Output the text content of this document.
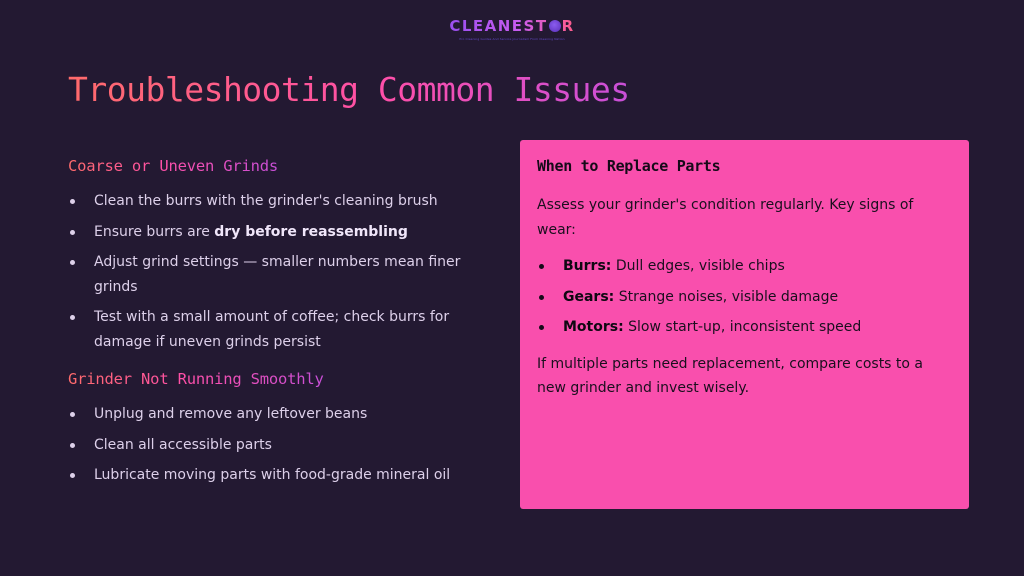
CLEANEST R
Pro Cleaning Guides And Service Journalism From Cleaning Nation
Troubleshooting Common Issues
Coarse or Uneven Grinds
Clean the burrs with the grinder's cleaning brush
Ensure burrs are dry before reassembling
Adjust grind settings — smaller numbers mean finer grinds
Test with a small amount of coffee; check burrs for damage if uneven grinds persist
Grinder Not Running Smoothly
Unplug and remove any leftover beans
Clean all accessible parts
Lubricate moving parts with food-grade mineral oil
When to Replace Parts

Assess your grinder's condition regularly. Key signs of wear:

Burrs: Dull edges, visible chips
Gears: Strange noises, visible damage
Motors: Slow start-up, inconsistent speed

If multiple parts need replacement, compare costs to a new grinder and invest wisely.
